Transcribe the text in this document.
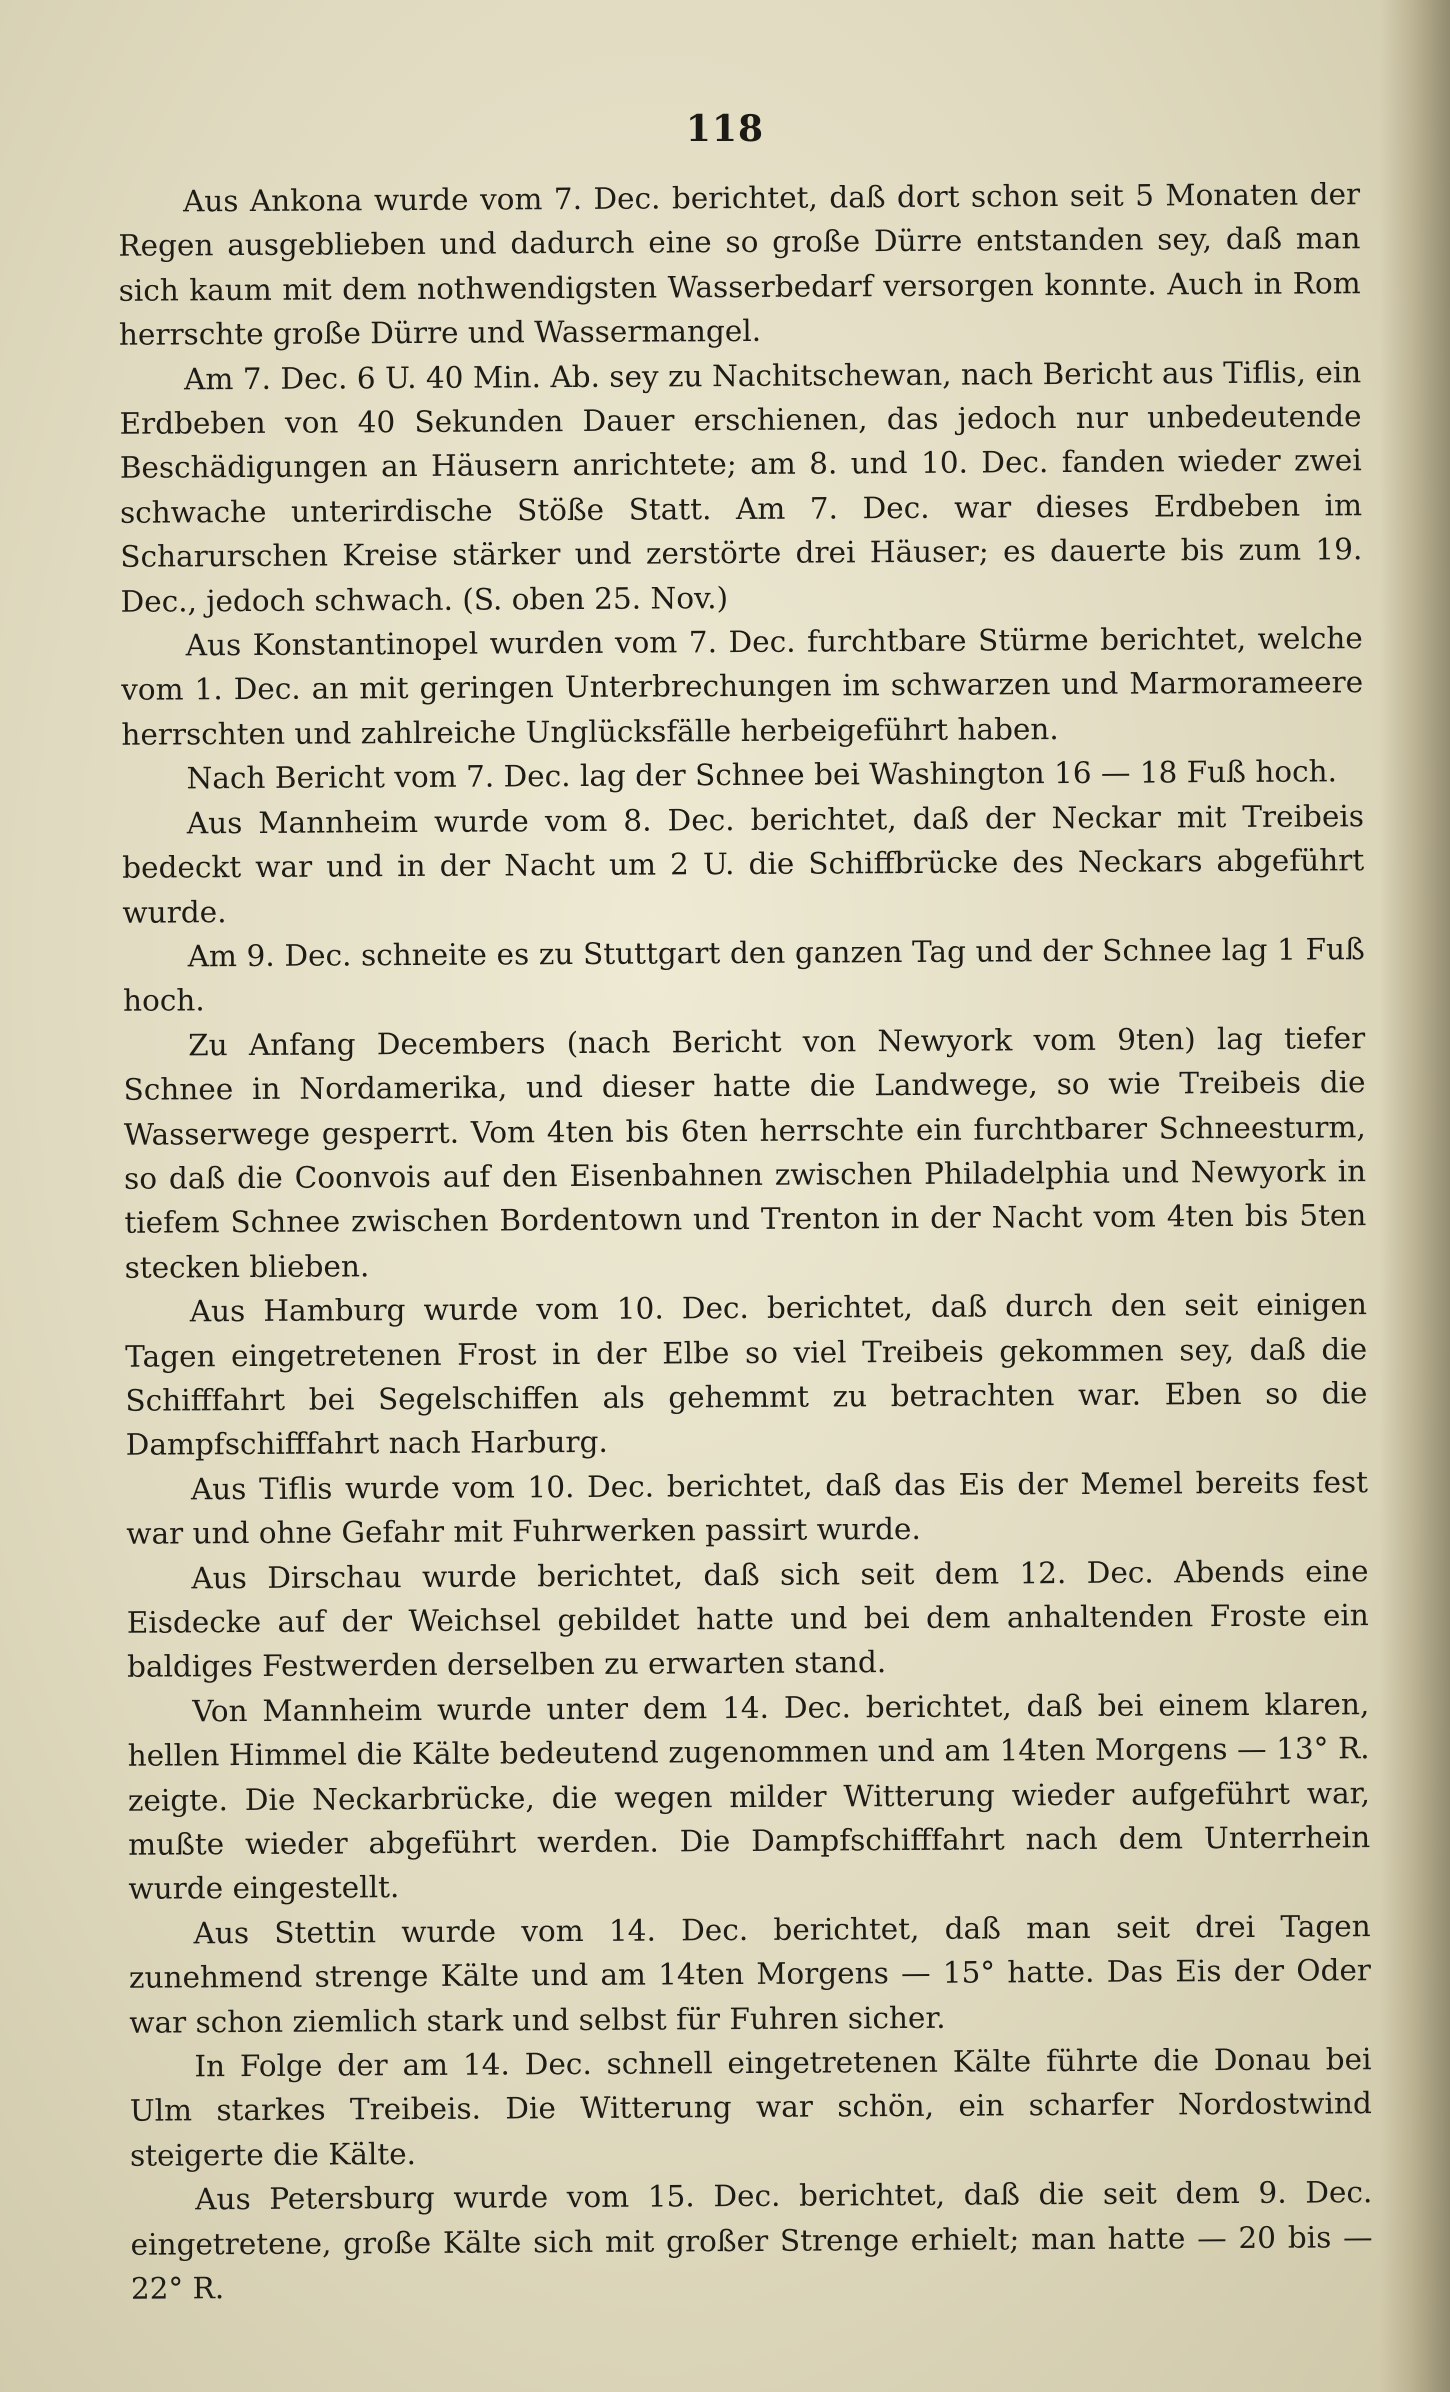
118

Aus Ankona wurde vom 7. Dec. berichtet, daß dort schon seit 5 Monaten der Regen ausgeblieben und dadurch eine so große Dürre entstanden sey, daß man sich kaum mit dem nothwendigsten Wasserbedarf versorgen konnte. Auch in Rom herrschte große Dürre und Wassermangel.

Am 7. Dec. 6 U. 40 Min. Ab. sey zu Nachitschewan, nach Bericht aus Tiflis, ein Erdbeben von 40 Sekunden Dauer erschienen, das jedoch nur unbedeutende Beschädigungen an Häusern anrichtete; am 8. und 10. Dec. fanden wieder zwei schwache unterirdische Stöße Statt. Am 7. Dec. war dieses Erdbeben im Scharurschen Kreise stärker und zerstörte drei Häuser; es dauerte bis zum 19. Dec., jedoch schwach. (S. oben 25. Nov.)

Aus Konstantinopel wurden vom 7. Dec. furchtbare Stürme berichtet, welche vom 1. Dec. an mit geringen Unterbrechungen im schwarzen und Marmorameere herrschten und zahlreiche Unglücksfälle herbeigeführt haben.

Nach Bericht vom 7. Dec. lag der Schnee bei Washington 16 — 18 Fuß hoch.

Aus Mannheim wurde vom 8. Dec. berichtet, daß der Neckar mit Treibeis bedeckt war und in der Nacht um 2 U. die Schiffbrücke des Neckars abgeführt wurde.

Am 9. Dec. schneite es zu Stuttgart den ganzen Tag und der Schnee lag 1 Fuß hoch.

Zu Anfang Decembers (nach Bericht von Newyork vom 9ten) lag tiefer Schnee in Nordamerika, und dieser hatte die Landwege, so wie Treibeis die Wasserwege gesperrt. Vom 4ten bis 6ten herrschte ein furchtbarer Schneesturm, so daß die Coonvois auf den Eisenbahnen zwischen Philadelphia und Newyork in tiefem Schnee zwischen Bordentown und Trenton in der Nacht vom 4ten bis 5ten stecken blieben.

Aus Hamburg wurde vom 10. Dec. berichtet, daß durch den seit einigen Tagen eingetretenen Frost in der Elbe so viel Treibeis gekommen sey, daß die Schifffahrt bei Segelschiffen als gehemmt zu betrachten war. Eben so die Dampfschifffahrt nach Harburg.

Aus Tiflis wurde vom 10. Dec. berichtet, daß das Eis der Memel bereits fest war und ohne Gefahr mit Fuhrwerken passirt wurde.

Aus Dirschau wurde berichtet, daß sich seit dem 12. Dec. Abends eine Eisdecke auf der Weichsel gebildet hatte und bei dem anhaltenden Froste ein baldiges Festwerden derselben zu erwarten stand.

Von Mannheim wurde unter dem 14. Dec. berichtet, daß bei einem klaren, hellen Himmel die Kälte bedeutend zugenommen und am 14ten Morgens — 13° R. zeigte. Die Neckarbrücke, die wegen milder Witterung wieder aufgeführt war, mußte wieder abgeführt werden. Die Dampfschifffahrt nach dem Unterrhein wurde eingestellt.

Aus Stettin wurde vom 14. Dec. berichtet, daß man seit drei Tagen zunehmend strenge Kälte und am 14ten Morgens — 15° hatte. Das Eis der Oder war schon ziemlich stark und selbst für Fuhren sicher.

In Folge der am 14. Dec. schnell eingetretenen Kälte führte die Donau bei Ulm starkes Treibeis. Die Witterung war schön, ein scharfer Nordostwind steigerte die Kälte.

Aus Petersburg wurde vom 15. Dec. berichtet, daß die seit dem 9. Dec. eingetretene, große Kälte sich mit großer Strenge erhielt; man hatte — 20 bis — 22° R.
